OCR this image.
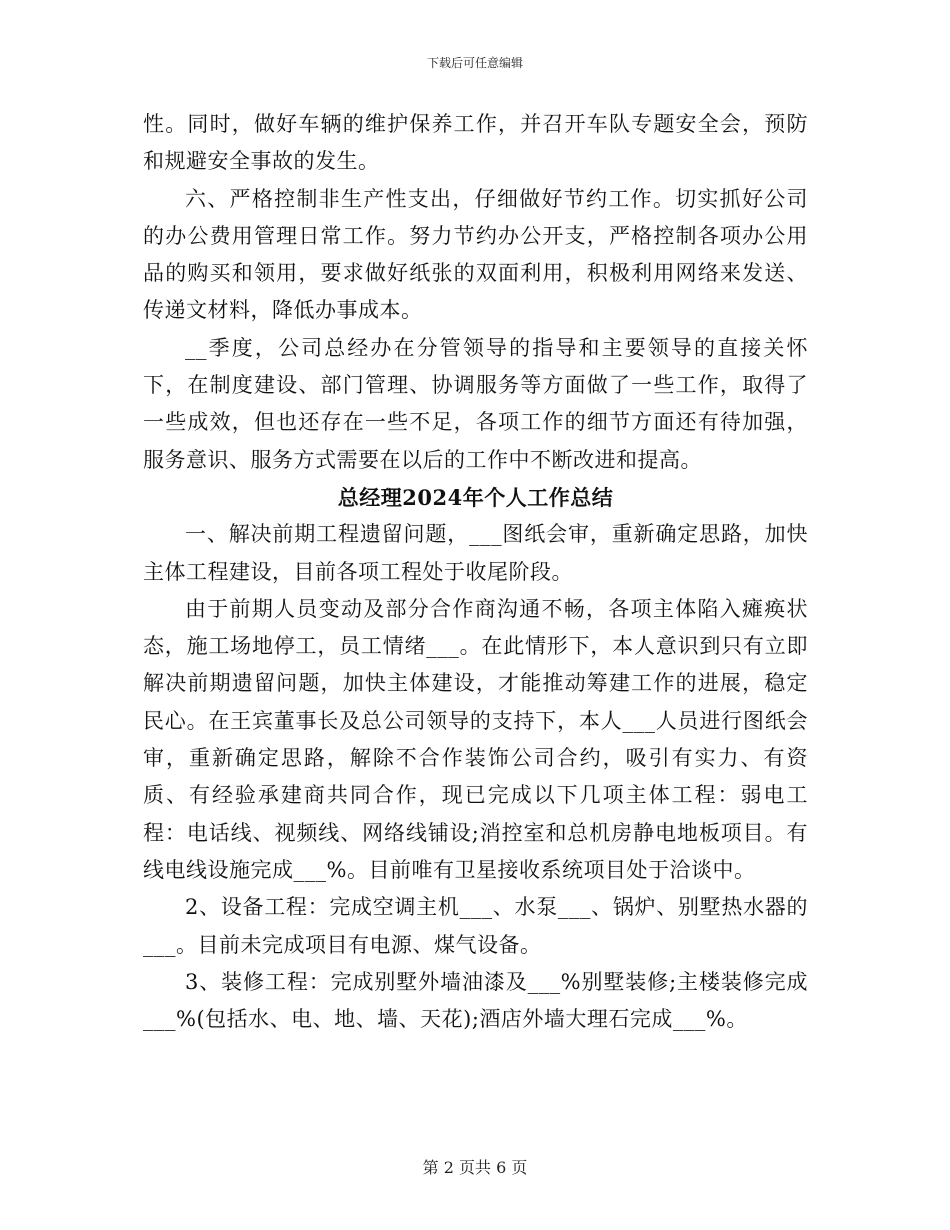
下载后可任意编辑

性。同时，做好车辆的维护保养工作，并召开车队专题安全会，预防和规避安全事故的发生。

六、严格控制非生产性支出，仔细做好节约工作。切实抓好公司的办公费用管理日常工作。努力节约办公开支，严格控制各项办公用品的购买和领用，要求做好纸张的双面利用，积极利用网络来发送、传递文材料，降低办事成本。

__季度，公司总经办在分管领导的指导和主要领导的直接关怀下，在制度建设、部门管理、协调服务等方面做了一些工作，取得了一些成效，但也还存在一些不足，各项工作的细节方面还有待加强，服务意识、服务方式需要在以后的工作中不断改进和提高。

总经理2024年个人工作总结

一、解决前期工程遗留问题，___图纸会审，重新确定思路，加快主体工程建设，目前各项工程处于收尾阶段。

由于前期人员变动及部分合作商沟通不畅，各项主体陷入瘫痪状态，施工场地停工，员工情绪___。在此情形下，本人意识到只有立即解决前期遗留问题，加快主体建设，才能推动筹建工作的进展，稳定民心。在王宾董事长及总公司领导的支持下，本人___人员进行图纸会审，重新确定思路，解除不合作装饰公司合约，吸引有实力、有资质、有经验承建商共同合作，现已完成以下几项主体工程：弱电工程：电话线、视频线、网络线铺设;消控室和总机房静电地板项目。有线电线设施完成___%。目前唯有卫星接收系统项目处于洽谈中。

2、设备工程：完成空调主机___、水泵___、锅炉、别墅热水器的___。目前未完成项目有电源、煤气设备。

3、装修工程：完成别墅外墙油漆及___%别墅装修;主楼装修完成___%(包括水、电、地、墙、天花);酒店外墙大理石完成___%。

第 2 页共 6 页
